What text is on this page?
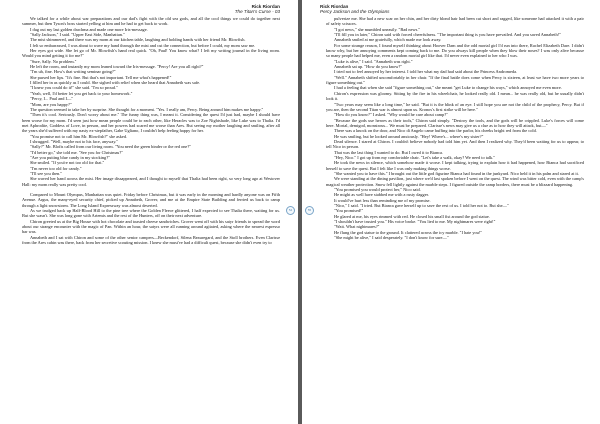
Rick Riordan
The Titan's Curse - 03

We talked for a while about war preparations and our dad's fight with the old sea gods, and all the cool things we could do together next summer, but then Tyson's boss started yelling at him and he had to get back to work.

I dug out my last golden drachma and made one more Iris-message.

"Sally Jackson," I said. "Upper East Side, Manhattan."

The mist shimmered, and there was my mom at our kitchen table, laughing and holding hands with her friend Mr. Blowfish.

I felt so embarrassed, I was about to wave my hand through the mist and cut the connection, but before I could, my mom saw me.

Her eyes got wide. She let go of Mr. Blowfish's hand real quick. "Oh, Paul! You know what? I left my writing journal in the living room. Would you mind getting it for me?"

"Sure, Sally. No problem."

He left the room, and instantly my mom leaned toward the Iris-message. "Percy! Are you all right?"

"I'm uh, fine. How's that writing seminar going?"

She pursed her lips. "It's fine. But that's not important. Tell me what's happened!"

I filled her in as quickly as I could. She sighed with relief when she heard that Annabeth was safe.

"I knew you could do it!" she said. "I'm so proud."

"Yeah, well, I'd better let you get back to your homework."

"Percy, I... Paul and I—"

"Mom, are you happy?"

The question seemed to take her by surprise. She thought for a moment. "Yes. I really am, Percy. Being around him makes me happy."

"Then it's cool. Seriously. Don't worry about me." The funny thing was, I meant it. Considering the quest I'd just had, maybe I should have been worse for my mom. I'd seen just how mean people could be to each other, like Heracles was to Zoe Nightshade, like Luke was to Thalia. I'd met Aphrodite, Goddess of Love, in person, and her powers had scared me worse than Ares. But seeing my mother laughing and smiling, after all the years she'd suffered with my nasty ex-stepfather, Gabe Ugliano, I couldn't help feeling happy for her.

"You promise not to call him Mr. Blowfish?" she asked.

I shrugged. "Well, maybe not to his face, anyway."

"Sally?" Mr. Blofis called from our living room. "You need the green binder or the red one?"

"I'd better go," she told me. "See you for Christmas?"

"Are you putting blue candy in my stocking?"

She smiled. "If you're not too old for that."

"I'm never too old for candy."

"I'll see you then."

She waved her hand across the mist. Her image dissappeared, and I thought to myself that Thalia had been right, so very long ago at Westover Hall: my mom really was pretty cool.

Compared to Mount Olympus, Manhattan was quiet. Friday before Christmas, but it was early in the morning and hardly anyone was on Fifth Avenue. Argus, the many-eyed security chief, picked up Annabeth, Grover, and me at the Empire State Building and ferried us back to camp through a light snowstorm. The Long Island Expressway was almost deserted.

As we trudged back up Half-Blood Hill to the pine tree where the Golden Fleece glittered, I half expected to see Thalia there, waiting for us. But she wasn't. She was long gone with Artemis and the rest of the Hunters, off on their next adventure.

Chiron greeted us at the Big House with hot chocolate and toasted cheese sandwiches. Grover went off with his satyr friends to spread the word about our strange encounter with the magic of Pan. Within an hour, the satyrs were all running around agitated, asking where the nearest espresso bar was.

Annabeth and I sat with Chiron and some of the other senior campers—Beckendorf, Silena Beauregard, and the Stoll brothers. Even Clarisse from the Ares cabin was there, back from her secretive scouting mission. I knew she must've had a difficult quest, because she didn't even try to

54
Rick Riordan
Percy Jackson and the Olympians

pulverize me. She had a new scar on her chin, and her dirty blond hair had been cut short and ragged, like someone had attacked it with a pair of safety scissors.

"I got news," she mumbled uneasily. "Bad news."

"I'll fill you in later," Chiron said with forced cheerfulness. "The important thing is you have prevailed. And you saved Annabeth!"

Annabeth smiled at me gratefully, which made me look away.

For some strange reason, I found myself thinking about Hoover Dam and the odd mortal girl I'd run into there, Rachel Elizabeth Dare. I didn't know why, but her annoying comments kept coming back to me. Do you always kill people when they blow their noses? I was only alive because so many people had helped me, even a random mortal girl like that. I'd never even explained to her who I was.

"Luke is alive," I said. "Annabeth was right."

Annabeth sat up. "How do you know?"

I tried not to feel annoyed by her interest. I told her what my dad had said about the Princess Andromeda.

"Well." Annabeth shifted uncomfortably in her chair. "If the final battle does come when Percy is sixteen, at least we have two more years to figure something out."

I had a feeling that when she said "figure something out," she meant "get Luke to change his ways," which annoyed me even more.

Chiron's expression was gloomy. Sitting by the fire in his wheelchair, he looked really old. I mean... he was really old, but he usually didn't look it.

"Two years may seem like a long time," he said. "But it is the blink of an eye. I still hope you are not the child of the prophecy, Percy. But if you are, then the second Titan war is almost upon us. Kronos's first strike will be here."

"How do you know?" I asked. "Why would he care about camp?"

"Because the gods use heroes as their tools," Chiron said simply. "Destroy the tools, and the gods will be crippled. Luke's forces will come here. Mortal, demigod, monstrous... We must be prepared. Clarisse's news may give us a clue as to how they will attack, but—"

There was a knock on the door, and Nico di Angelo came huffing into the parlor, his cheeks bright red from the cold.

He was smiling, but he looked around anxiously. "Hey! Where's... where's my sister?"

Dead silence. I stared at Chiron. I couldn't believe nobody had told him yet. And then I realized why. They'd been waiting for us to appear, to tell Nico in person.

That was the last thing I wanted to do. But I owed it to Bianca.

"Hey, Nico." I got up from my comfortable chair. "Let's take a walk, okay? We need to talk."

He took the news in silence, which somehow made it worse. I kept talking, trying to explain how it had happened, how Bianca had sacrificed herself to save the quest. But I felt like I was only making things worse.

"She wanted you to have this." I brought out the little god figurine Bianca had found in the junkyard. Nico held it in his palm and stared at it.

We were standing at the dining pavilion, just where we'd last spoken before I went on the quest. The wind was bitter cold, even with the camp's magical weather protection. Snow fell lightly against the marble steps. I figured outside the camp borders, there must be a blizzard happening.

"You promised you would protect her," Nico said.

He might as well have stabbed me with a rusty dagger.

It would've hurt less than reminding me of my promise.

"Nico," I said. "I tried. But Bianca gave herself up to save the rest of us. I told her not to. But she—"

"You promised!"

He glared at me, his eyes rimmed with red. He closed his small fist around the god statue.

"I shouldn't have trusted you." His voice broke. "You lied to me. My nightmares were right!"

"Wait. What nightmares?"

He flung the god statue to the ground. It clattered across the icy marble. "I hate you!"

"She might be alive," I said desperately. "I don't know for sure—"

55
